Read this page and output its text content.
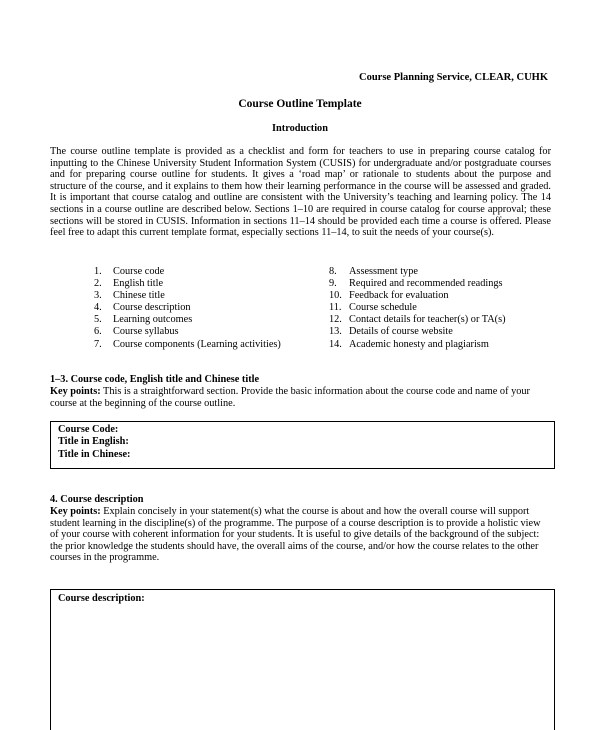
Course Planning Service, CLEAR, CUHK
Course Outline Template
Introduction
The course outline template is provided as a checklist and form for teachers to use in preparing course catalog for inputting to the Chinese University Student Information System (CUSIS) for undergraduate and/or postgraduate courses and for preparing course outline for students. It gives a ‘road map’ or rationale to students about the purpose and structure of the course, and it explains to them how their learning performance in the course will be assessed and graded. It is important that course catalog and outline are consistent with the University’s teaching and learning policy. The 14 sections in a course outline are described below. Sections 1–10 are required in course catalog for course approval; these sections will be stored in CUSIS. Information in sections 11–14 should be provided each time a course is offered. Please feel free to adapt this current template format, especially sections 11–14, to suit the needs of your course(s).
1.	Course code
2.	English title
3.	Chinese title
4.	Course description
5.	Learning outcomes
6.	Course syllabus
7.	Course components (Learning activities)
8.	Assessment type
9.	Required and recommended readings
10. Feedback for evaluation
11. Course schedule
12. Contact details for teacher(s) or TA(s)
13. Details of course website
14. Academic honesty and plagiarism
1–3. Course code, English title and Chinese title
Key points: This is a straightforward section. Provide the basic information about the course code and name of your course at the beginning of the course outline.
Course Code:
Title in English:
Title in Chinese:
4. Course description
Key points: Explain concisely in your statement(s) what the course is about and how the overall course will support student learning in the discipline(s) of the programme. The purpose of a course description is to provide a holistic view of your course with coherent information for your students. It is useful to give details of the background of the subject: the prior knowledge the students should have, the overall aims of the course, and/or how the course relates to the other courses in the programme.
Course description:
